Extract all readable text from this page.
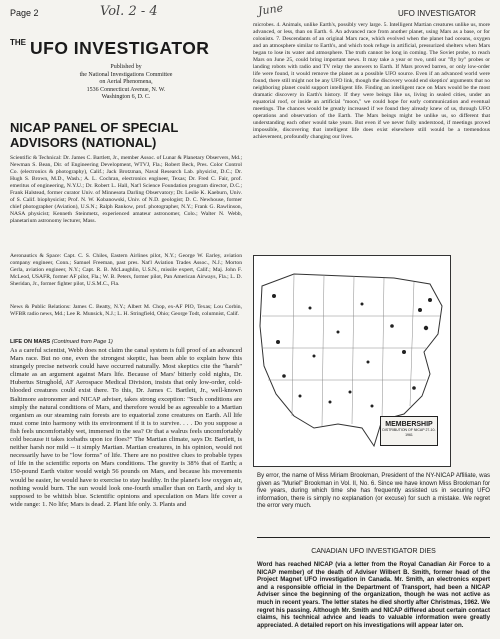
Page 2	Vol. 2 - 4	June	UFO INVESTIGATOR
THE UFO INVESTIGATOR
Published by
the National Investigations Committee
on Aerial Phenomena,
1536 Connecticut Avenue, N. W.
Washington 6, D. C.
NICAP PANEL OF SPECIAL
ADVISORS (NATIONAL)
Scientific & Technical: Dr. James C. Bartlett, Jr., member Assoc. of Lunar & Planetary Observers, Md.; Newman S. Bean, Dir. of Engineering Development, WTVJ, Fla.; Robert Beck, Pres. Color Control Co. (electronics & photography), Calif.; Jack Brotzman, Naval Research Lab. physicist, D.C.; Dr. Hugh S. Brown, M.D., Wash.; A. L. Cochran, electronics engineer, Texas; Dr. Fred C. Fair, prof. emeritus of engineering, N.Y.U.; Dr. Robert L. Hall, Nat'l Science Foundation program director, D.C.; Frank Halstead, former curator Univ. of Minnesota Darling Observatory; Dr. Leslie K. Kaeburn, Univ. of S. Calif. biophysicist; Prof. N. W. Kobanowski, Univ. of N.D. geologist; D. C. Newhouse, former chief photographer (Aviation), U.S.N.; Ralph Rankow, prof. photographer, N.Y.; Frank G. Rawlinson, NASA physicist; Kenneth Steinmetz, experienced amateur astronomer, Colo.; Walter N. Webb, planetarium astronomy lecturer, Mass.
Aeronautics & Space: Capt. C. S. Chiles, Eastern Airlines pilot, N.Y.; George W. Earley, aviation company engineer, Conn.; Samuel Freeman, past pres. Nat'l Aviation Trades Assoc., N.J.; Morton Gerla, aviation engineer, N.Y.; Capt. R. B. McLaughlin, U.S.N., missile expert, Calif.; Maj. John F. McLeod, USAFR, former AF pilot, Fla.; W. B. Peters, former pilot, Pan American Airways, Fla.; L. D. Sheridan, Jr., former fighter pilot, U.S.M.C., Fla.
News & Public Relations: James C. Beatty, N.Y.; Albert M. Chop, ex-AF PIO, Texas; Lou Corbin, WFBR radio news, Md.; Lee R. Munsick, N.J.; L. H. Stringfield, Ohio; George Todt, columnist, Calif.
LIFE ON MARS (Continued from Page 1)
As a careful scientist, Webb does not claim the canal system is full proof of an advanced Mars race. But no one, even the strongest skeptic, has been able to explain how this strangely precise network could have occurred naturally. Most skeptics cite the "harsh" climate as an argument against Mars life. Because of Mars' bitterly cold nights, Dr. Hubertus Strughold, AF Aerospace Medical Division, insists that only low-order, cold-blooded creatures could exist there. To this, Dr. James C. Bartlett, Jr., well-known Baltimore astronomer and NICAP adviser, takes strong exception: "Such conditions are simply the natural conditions of Mars, and therefore would be as agreeable to a Martian organism as our steaming rain forests are to equatorial zone creatures on Earth. All life must come into harmony with its environment if it is to survive. . . . Do you suppose a fish feels uncomfortably wet, immersed in the sea? Or that a walrus feels uncomfortably cold because it takes icebaths upon ice floes?" The Martian climate, says Dr. Bartlett, is neither harsh nor mild -- it simply Martian. Martian creatures, in his opinion, would not necessarily have to be "low forms" of life. There are no positive clues to probable types of life in the scientific reports on Mars conditions. The gravity is 38% that of Earth; a 150-pound Earth visitor would weigh 56 pounds on Mars, and because his movements would be easier, he would have to exercise to stay healthy. In the planet's low oxygen air, nothing would burn. The sun would look one-fourth smaller than on Earth, and sky is supposed to be whitish blue. Scientific opinions and speculation on Mars life cover a wide range: 1. No life; Mars is dead. 2. Plant life only. 3. Plants and
microbes. 4. Animals, unlike Earth's, possibly very large. 5. Intelligent Martian creatures unlike us, more advanced, or less, than on Earth. 6. An advanced race from another planet, using Mars as a base, or for colonists. 7. Descendants of an original Mars race, which evolved when the planet had oceans, oxygen and an atmosphere similar to Earth's, and which took refuge in artificial, pressurized shelters when Mars began to lose its water and atmosphere. The truth cannot be long in coming. The Soviet probe, to reach Mars on June 25, could bring important news. It may take a year or two, until our "fly by" probes or landing robots with radio and TV relay the answers to Earth. If Mars proved barren, or only low-order life were found, it would remove the planet as a possible UFO source. Even if an advanced world were found, there still might not be any UFO link, though the discovery would end skeptics' arguments that no neighboring planet could support intelligent life. Finding an intelligent race on Mars would be the most dramatic discovery in Earth's history. If they were beings like us, living in sealed cities, under an equatorial roof, or inside an artificial "moon," we could hope for early communication and eventual meetings. The chances would be greatly increased if we found they already knew of us, through UFO operations and observation of the Earth. The Mars beings might be unlike us, so different that understanding each other would take years. But even if we never fully understood, if meetings proved impossible, discovering that intelligent life does exist elsewhere still would be a tremendous achievement, profoundly changing our lives.
MEMBERSHIP
DISTRIBUTION OF NICAP 27-10-1961
By error, the name of Miss Miriam Brookman, President of the NY-NICAP Affiliate, was given as "Muriel" Brookman in Vol. II, No. 6. Since we have known Miss Brookman for five years, during which time she has frequently assisted us in securing UFO information, there is simply no explanation (or excuse) for such a mistake. We regret the error very much.
CANADIAN UFO INVESTIGATOR DIES
Word has reached NICAP (via a letter from the Royal Canadian Air Force to a NICAP member) of the death of Adviser Wilbert B. Smith, former head of the Project Magnet UFO investigation in Canada. Mr. Smith, an electronics expert and a responsible official in the Department of Transport, had been a NICAP Adviser since the beginning of the organization, though he was not active as much in recent years. The letter states he died shortly after Christmas, 1962. We regret his passing. Although Mr. Smith and NICAP differed about certain contact claims, his technical advice and leads to valuable information were greatly appreciated. A detailed report on his investigations will appear later on.
